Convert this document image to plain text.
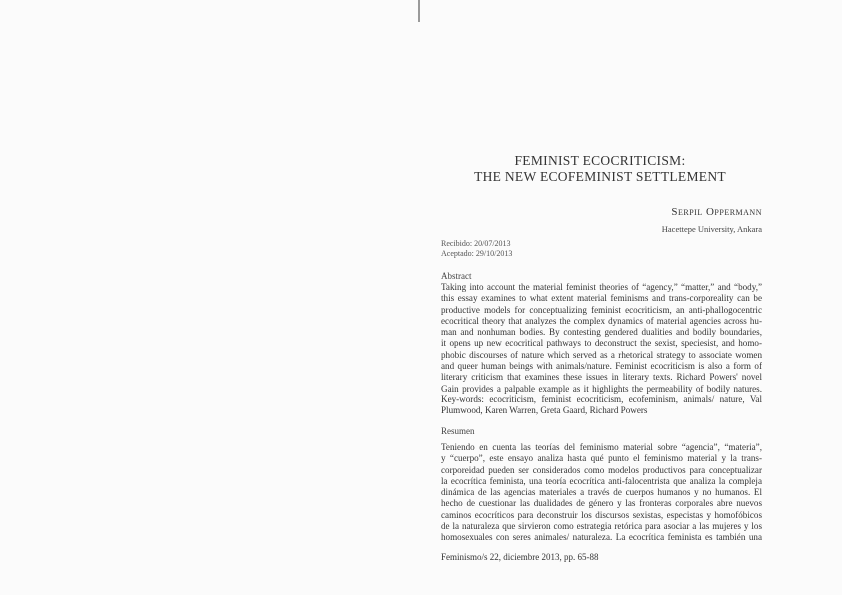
FEMINIST ECOCRITICISM:
THE NEW ECOFEMINIST SETTLEMENT
Serpil Oppermann
Hacettepe University, Ankara
Recibido: 20/07/2013
Aceptado: 29/10/2013
Abstract
Taking into account the material feminist theories of “agency,” “matter,” and “body,”
this essay examines to what extent material feminisms and trans-corporeality can be
productive models for conceptualizing feminist ecocriticism, an anti-phallogocentric
ecocritical theory that analyzes the complex dynamics of material agencies across hu-
man and nonhuman bodies. By contesting gendered dualities and bodily boundaries,
it opens up new ecocritical pathways to deconstruct the sexist, speciesist, and homo-
phobic discourses of nature which served as a rhetorical strategy to associate women
and queer human beings with animals/nature. Feminist ecocriticism is also a form of
literary criticism that examines these issues in literary texts. Richard Powers' novel
Gain provides a palpable example as it highlights the permeability of bodily natures.
Key-words: ecocriticism, feminist ecocriticism, ecofeminism, animals/ nature, Val
Plumwood, Karen Warren, Greta Gaard, Richard Powers
Resumen
Teniendo en cuenta las teorías del feminismo material sobre “agencia”, “materia”,
y “cuerpo”, este ensayo analiza hasta qué punto el feminismo material y la trans-
corporeidad pueden ser considerados como modelos productivos para conceptualizar
la ecocrítica feminista, una teoría ecocrítica anti-falocentrista que analiza la compleja
dinámica de las agencias materiales a través de cuerpos humanos y no humanos. El
hecho de cuestionar las dualidades de género y las fronteras corporales abre nuevos
caminos ecocríticos para deconstruir los discursos sexistas, especistas y homofóbicos
de la naturaleza que sirvieron como estrategia retórica para asociar a las mujeres y los
homosexuales con seres animales/ naturaleza. La ecocrítica feminista es también una
Feminismo/s 22, diciembre 2013, pp. 65-88
